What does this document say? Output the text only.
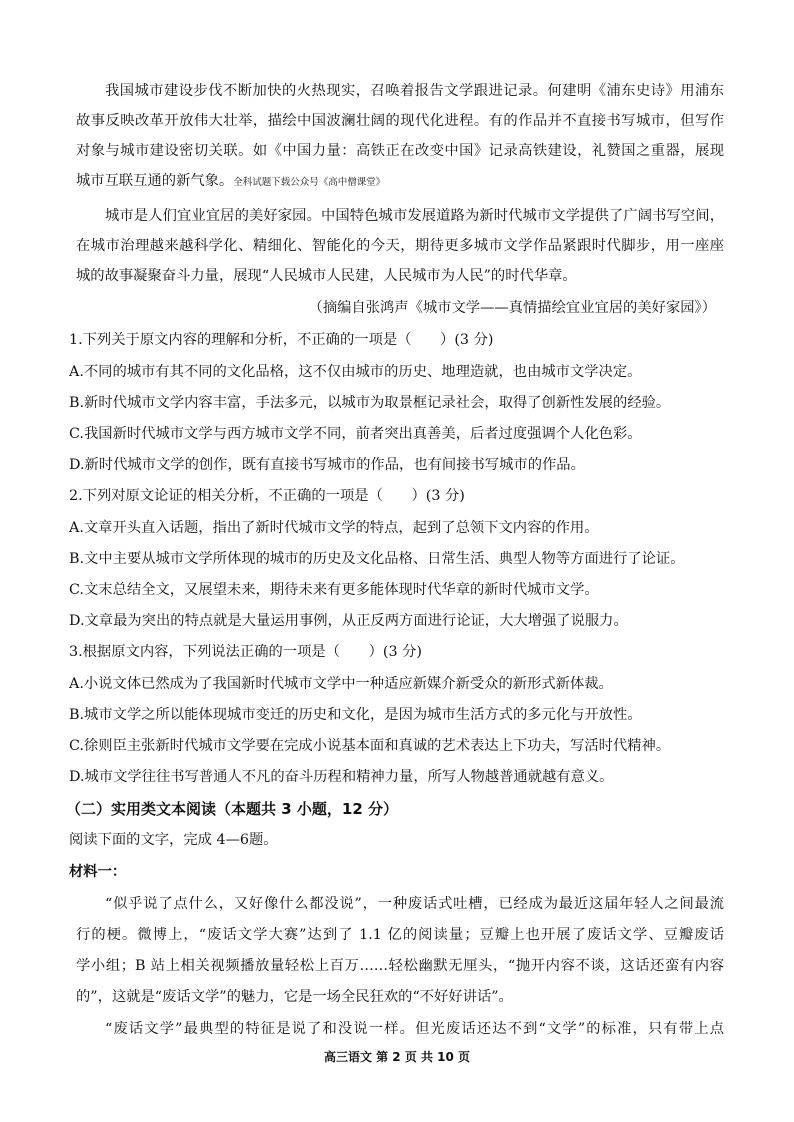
我国城市建设步伐不断加快的火热现实，召唤着报告文学跟进记录。何建明《浦东史诗》用浦东
故事反映改革开放伟大壮举，描绘中国波澜壮阔的现代化进程。有的作品并不直接书写城市，但写作
对象与城市建设密切关联。如《中国力量：高铁正在改变中国》记录高铁建设，礼赞国之重器，展现
城市互联互通的新气象。全科试题下载公众号《高中僧课堂》
城市是人们宜业宜居的美好家园。中国特色城市发展道路为新时代城市文学提供了广阔书写空间，
在城市治理越来越科学化、精细化、智能化的今天，期待更多城市文学作品紧跟时代脚步，用一座座
城的故事凝聚奋斗力量，展现“人民城市人民建，人民城市为人民”的时代华章。
（摘编自张鸿声《城市文学——真情描绘宜业宜居的美好家园》）
1.下列关于原文内容的理解和分析，不正确的一项是（　　）(3 分)
A.不同的城市有其不同的文化品格，这不仅由城市的历史、地理造就，也由城市文学决定。
B.新时代城市文学内容丰富，手法多元，以城市为取景框记录社会，取得了创新性发展的经验。
C.我国新时代城市文学与西方城市文学不同，前者突出真善美，后者过度强调个人化色彩。
D.新时代城市文学的创作，既有直接书写城市的作品，也有间接书写城市的作品。
2.下列对原文论证的相关分析，不正确的一项是（　　）(3 分)
A.文章开头直入话题，指出了新时代城市文学的特点，起到了总领下文内容的作用。
B.文中主要从城市文学所体现的城市的历史及文化品格、日常生活、典型人物等方面进行了论证。
C.文末总结全文，又展望未来，期待未来有更多能体现时代华章的新时代城市文学。
D.文章最为突出的特点就是大量运用事例，从正反两方面进行论证，大大增强了说服力。
3.根据原文内容，下列说法正确的一项是（　　）(3 分)
A.小说文体已然成为了我国新时代城市文学中一种适应新媒介新受众的新形式新体裁。
B.城市文学之所以能体现城市变迁的历史和文化，是因为城市生活方式的多元化与开放性。
C.徐则臣主张新时代城市文学要在完成小说基本面和真诚的艺术表达上下功夫，写活时代精神。
D.城市文学往往书写普通人不凡的奋斗历程和精神力量，所写人物越普通就越有意义。
（二）实用类文本阅读（本题共 3 小题，12 分）
阅读下面的文字，完成 4—6题。
材料一：
“似乎说了点什么，又好像什么都没说”，一种废话式吐槽，已经成为最近这届年轻人之间最流
行的梗。微博上，“废话文学大赛”达到了 1.1 亿的阅读量；豆瓣上也开展了废话文学、豆瓣废话
学小组；B 站上相关视频播放量轻松上百万……轻松幽默无厘头，“抛开内容不谈，这话还蛮有内容
的”，这就是“废话文学”的魅力，它是一场全民狂欢的“不好好讲话”。
“废话文学”最典型的特征是说了和没说一样。但光废话还达不到“文学”的标准，只有带上点
高三语文 第 2 页 共 10 页
